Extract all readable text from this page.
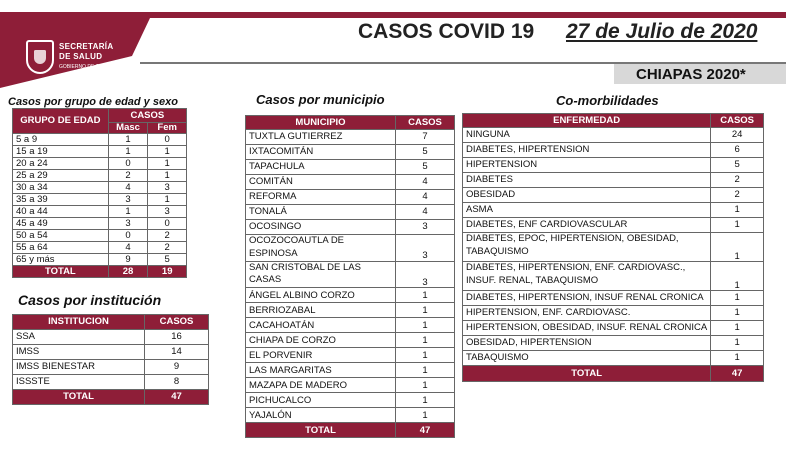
SECRETARÍA
DE SALUD
GOBIERNO DE CHIAPAS
CASOS COVID 19 27 de Julio de 2020
CHIAPAS 2020*
Casos por grupo de edad y sexo
GRUPO DE EDAD	CASOS	
	Masc	Fem
5 a 9	1	0
15 a 19	1	1
20 a 24	0	1
25 a 29	2	1
30 a 34	4	3
35 a 39	3	1
40 a 44	1	3
45 a 49	3	0
50 a 54	0	2
55 a 64	4	2
65 y más	9	5
TOTAL	28	19
Casos por institución
INSTITUCION	CASOS
SSA	16
IMSS	14
IMSS BIENESTAR	9
ISSSTE	8
TOTAL	47
Casos por municipio
MUNICIPIO	CASOS
TUXTLA GUTIERREZ	7
IXTACOMITÁN	5
TAPACHULA	5
COMITÁN	4
REFORMA	4
TONALÁ	4
OCOSINGO	3
OCOZOCOAUTLA DE ESPINOSA	3
SAN CRISTOBAL DE LAS CASAS	3
ÁNGEL ALBINO CORZO	1
BERRIOZABAL	1
CACAHOATÁN	1
CHIAPA DE CORZO	1
EL PORVENIR	1
LAS MARGARITAS	1
MAZAPA DE MADERO	1
PICHUCALCO	1
YAJALÓN	1
TOTAL	47
Co-morbilidades
ENFERMEDAD	CASOS
NINGUNA	24
DIABETES, HIPERTENSION	6
HIPERTENSION	5
DIABETES	2
OBESIDAD	2
ASMA	1
DIABETES, ENF CARDIOVASCULAR	1
DIABETES, EPOC, HIPERTENSION, OBESIDAD, TABAQUISMO	1
DIABETES, HIPERTENSION, ENF. CARDIOVASC., INSUF. RENAL, TABAQUISMO	1
DIABETES, HIPERTENSION, INSUF RENAL CRONICA	1
HIPERTENSION, ENF. CARDIOVASC.	1
HIPERTENSION, OBESIDAD, INSUF. RENAL CRONICA	1
OBESIDAD, HIPERTENSION	1
TABAQUISMO	1
TOTAL	47
